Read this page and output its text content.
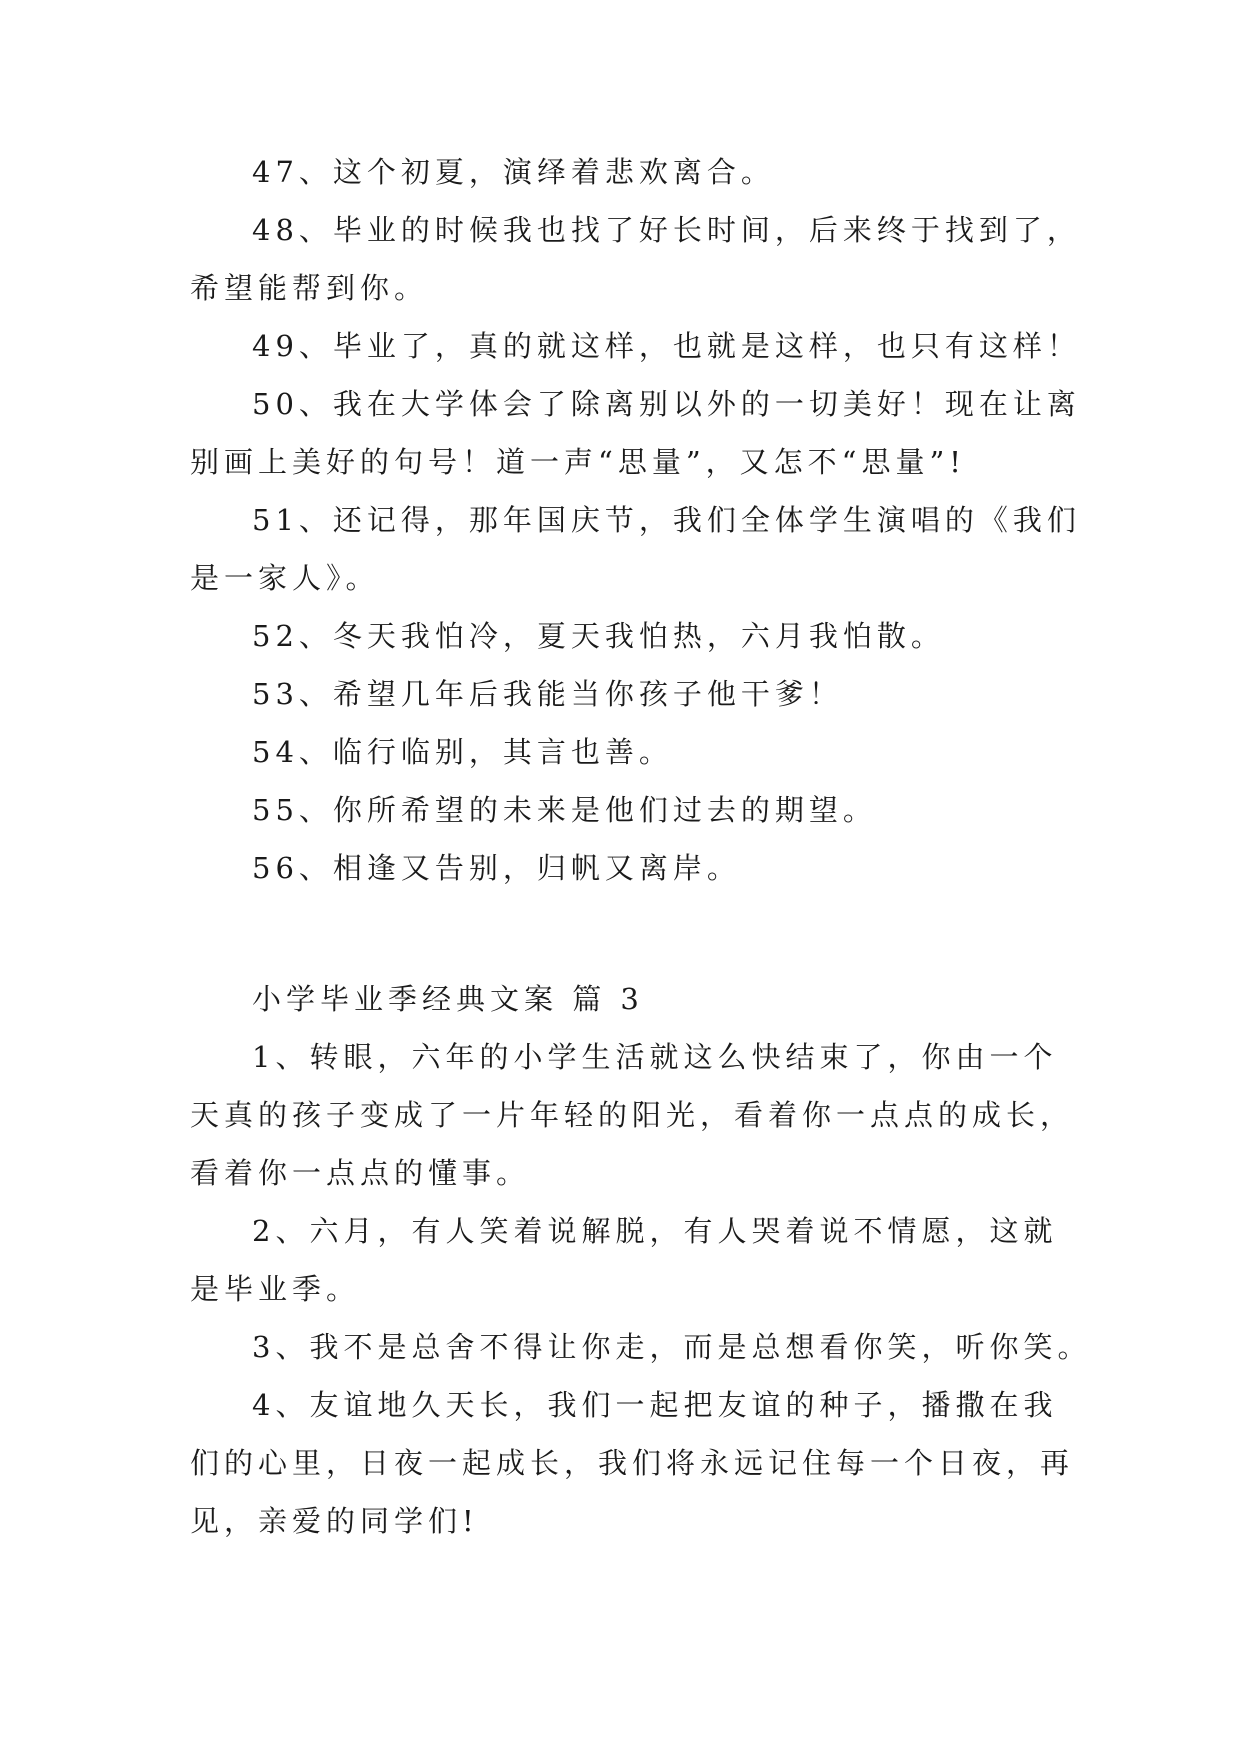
47、这个初夏，演绎着悲欢离合。
48、毕业的时候我也找了好长时间，后来终于找到了，
希望能帮到你。
49、毕业了，真的就这样，也就是这样，也只有这样！
50、我在大学体会了除离别以外的一切美好！现在让离
别画上美好的句号！道一声“思量”，又怎不“思量”!
51、还记得，那年国庆节，我们全体学生演唱的《我们
是一家人》。
52、冬天我怕冷，夏天我怕热，六月我怕散。
53、希望几年后我能当你孩子他干爹！
54、临行临别，其言也善。
55、你所希望的未来是他们过去的期望。
56、相逢又告别，归帆又离岸。
小学毕业季经典文案 篇 3
1、转眼，六年的小学生活就这么快结束了，你由一个
天真的孩子变成了一片年轻的阳光，看着你一点点的成长，
看着你一点点的懂事。
2、六月，有人笑着说解脱，有人哭着说不情愿，这就
是毕业季。
3、我不是总舍不得让你走，而是总想看你笑，听你笑。
4、友谊地久天长，我们一起把友谊的种子，播撒在我
们的心里，日夜一起成长，我们将永远记住每一个日夜，再
见，亲爱的同学们!
